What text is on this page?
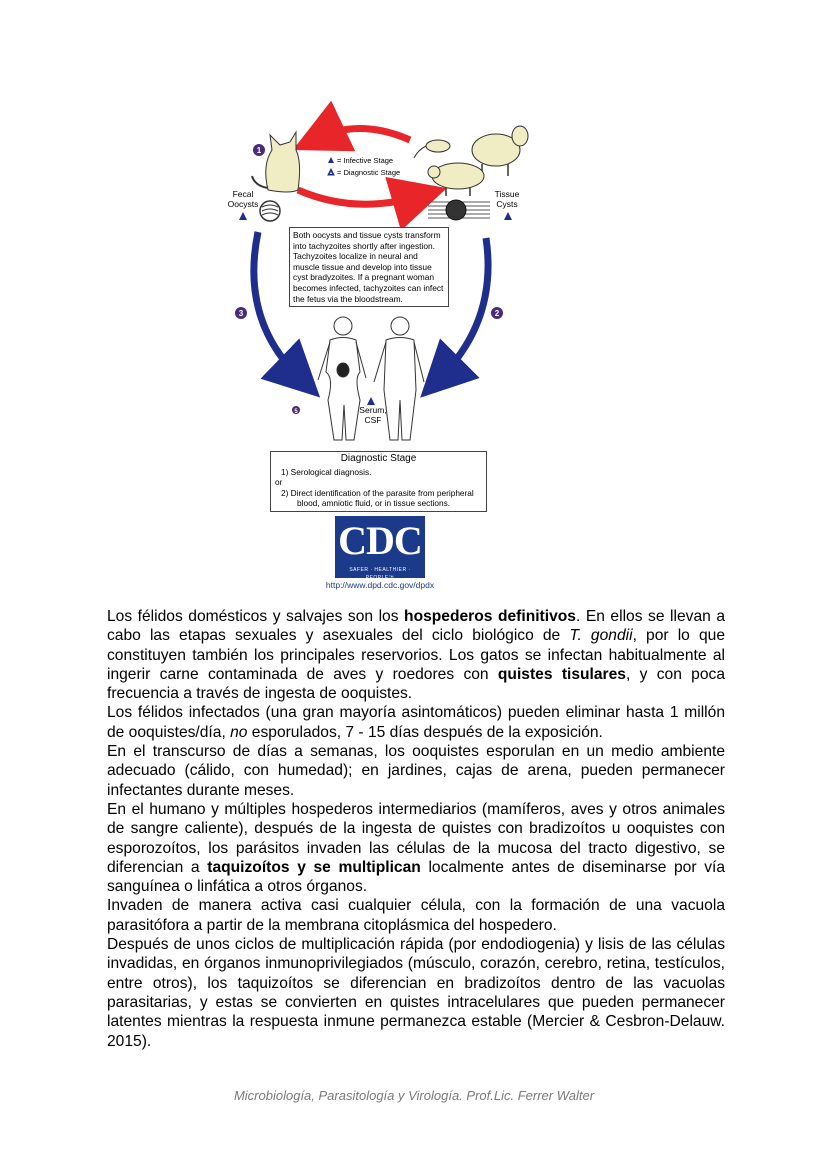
1
2
3
5
= Infective Stage
= Diagnostic Stage
Fecal
Oocysts
Tissue
Cysts
Serum,
CSF
Both oocysts and tissue cysts transform into tachyzoites shortly after ingestion. Tachyzoites localize in neural and muscle tissue and develop into tissue cyst bradyzoites. If a pregnant woman becomes infected, tachyzoites can infect the fetus via the bloodstream.
Diagnostic Stage
1) Serological diagnosis.
or
2) Direct identification of the parasite from peripheral
blood, amniotic fluid, or in tissue sections.
CDC
SAFER · HEALTHIER · PEOPLE™
http://www.dpd.cdc.gov/dpdx

Los félidos domésticos y salvajes son los hospederos definitivos. En ellos se llevan a cabo las etapas sexuales y asexuales del ciclo biológico de T. gondii, por lo que constituyen también los principales reservorios. Los gatos se infectan habitualmente al ingerir carne contaminada de aves y roedores con quistes tisulares, y con poca frecuencia a través de ingesta de ooquistes.

Los félidos infectados (una gran mayoría asintomáticos) pueden eliminar hasta 1 millón de ooquistes/día, no esporulados, 7 - 15 días después de la exposición.

En el transcurso de días a semanas, los ooquistes esporulan en un medio ambiente adecuado (cálido, con humedad); en jardines, cajas de arena, pueden permanecer infectantes durante meses.

En el humano y múltiples hospederos intermediarios (mamíferos, aves y otros animales de sangre caliente), después de la ingesta de quistes con bradizoítos u ooquistes con esporozoítos, los parásitos invaden las células de la mucosa del tracto digestivo, se diferencian a taquizoítos y se multiplican localmente antes de diseminarse por vía sanguínea o linfática a otros órganos.

Invaden de manera activa casi cualquier célula, con la formación de una vacuola parasitófora a partir de la membrana citoplásmica del hospedero.

Después de unos ciclos de multiplicación rápida (por endodiogenia) y lisis de las células invadidas, en órganos inmunoprivilegiados (músculo, corazón, cerebro, retina, testículos, entre otros), los taquizoítos se diferencian en bradizoítos dentro de las vacuolas parasitarias, y estas se convierten en quistes intracelulares que pueden permanecer latentes mientras la respuesta inmune permanezca estable (Mercier & Cesbron-Delauw. 2015).

Microbiología, Parasitología y Virología. Prof.Lic. Ferrer Walter
